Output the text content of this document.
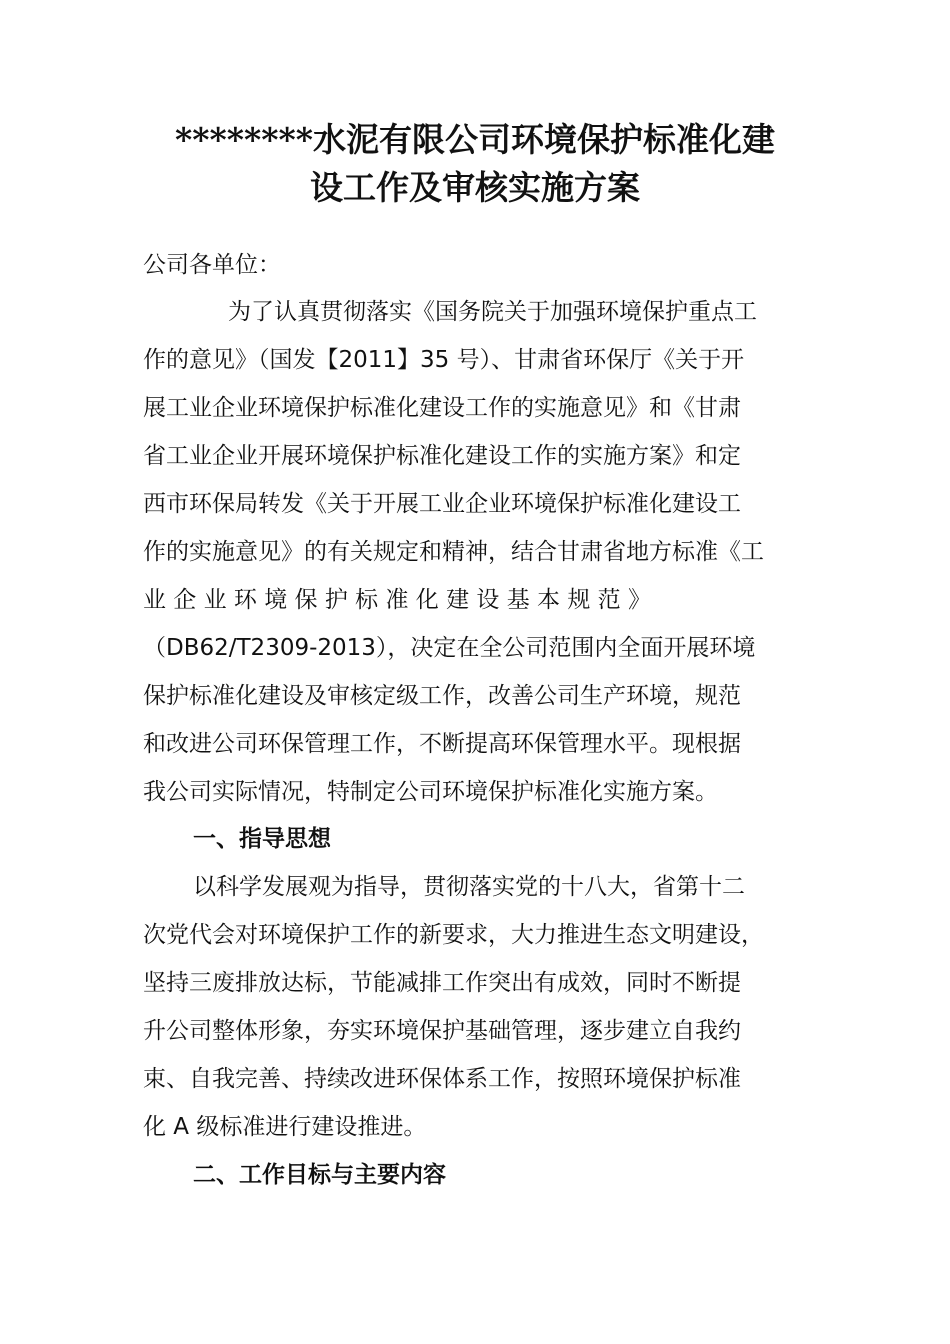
********水泥有限公司环境保护标准化建
设工作及审核实施方案
公司各单位：
为了认真贯彻落实《国务院关于加强环境保护重点工
作的意见》（国发【2011】35 号）、甘肃省环保厅《关于开
展工业企业环境保护标准化建设工作的实施意见》和《甘肃
省工业企业开展环境保护标准化建设工作的实施方案》和定
西市环保局转发《关于开展工业企业环境保护标准化建设工
作的实施意见》的有关规定和精神，结合甘肃省地方标准《工
业 企 业 环 境 保 护 标 准 化 建 设 基 本 规 范 》
（DB62/T2309-2013），决定在全公司范围内全面开展环境
保护标准化建设及审核定级工作，改善公司生产环境，规范
和改进公司环保管理工作，不断提高环保管理水平。现根据
我公司实际情况，特制定公司环境保护标准化实施方案。
一、指导思想
以科学发展观为指导，贯彻落实党的十八大，省第十二
次党代会对环境保护工作的新要求，大力推进生态文明建设，
坚持三废排放达标，节能减排工作突出有成效，同时不断提
升公司整体形象，夯实环境保护基础管理，逐步建立自我约
束、自我完善、持续改进环保体系工作，按照环境保护标准
化 A 级标准进行建设推进。
二、工作目标与主要内容
